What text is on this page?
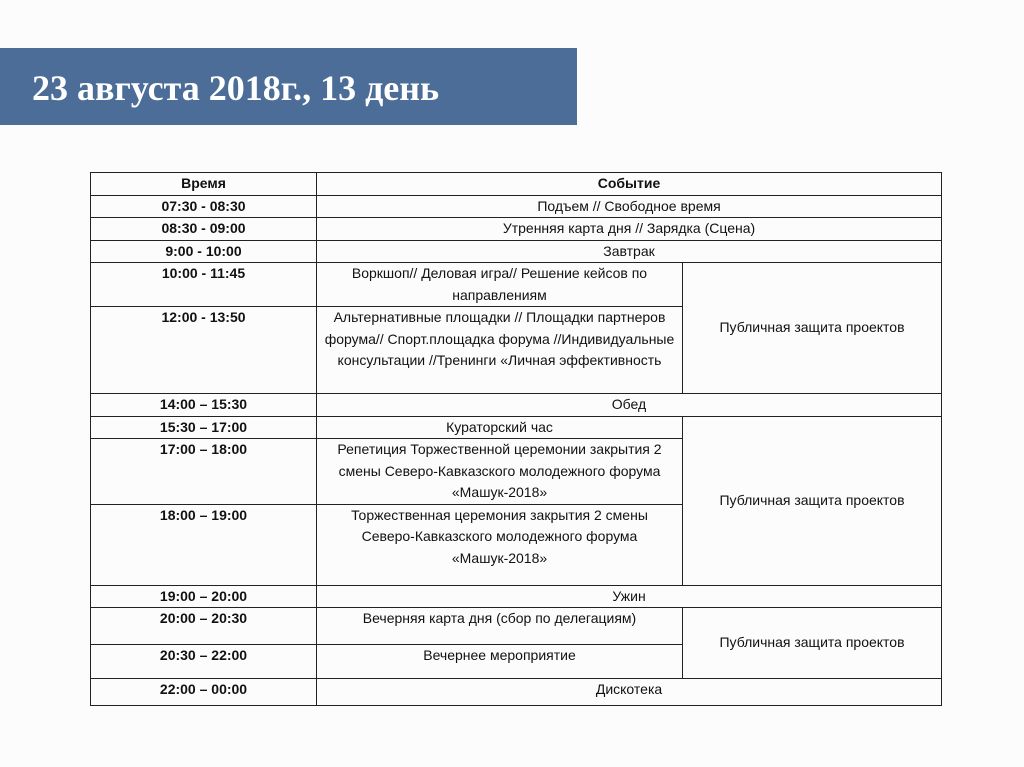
23 августа 2018г., 13 день
Время	Событие	
07:30 - 08:30	Подъем // Свободное время	
08:30 - 09:00	Утренняя карта дня // Зарядка (Сцена)	
9:00 - 10:00	Завтрак	
10:00 - 11:45	Воркшоп// Деловая игра// Решение кейсов по направлениям	Публичная защита проектов
12:00 - 13:50	Альтернативные площадки // Площадки партнеров форума// Спорт.площадка форума //Индивидуальные консультации //Тренинги «Личная эффективность	
14:00 – 15:30	Обед	
15:30 – 17:00	Кураторский час	Публичная защита проектов
17:00 – 18:00	Репетиция Торжественной церемонии закрытия 2 смены Северо-Кавказского молодежного форума «Машук-2018»	
18:00 – 19:00	Торжественная церемония закрытия 2 смены Северо-Кавказского молодежного форума «Машук-2018»	
19:00 – 20:00	Ужин	
20:00 – 20:30	Вечерняя карта дня (сбор по делегациям)	Публичная защита проектов
20:30 – 22:00	Вечернее мероприятие	
22:00 – 00:00	Дискотека	
